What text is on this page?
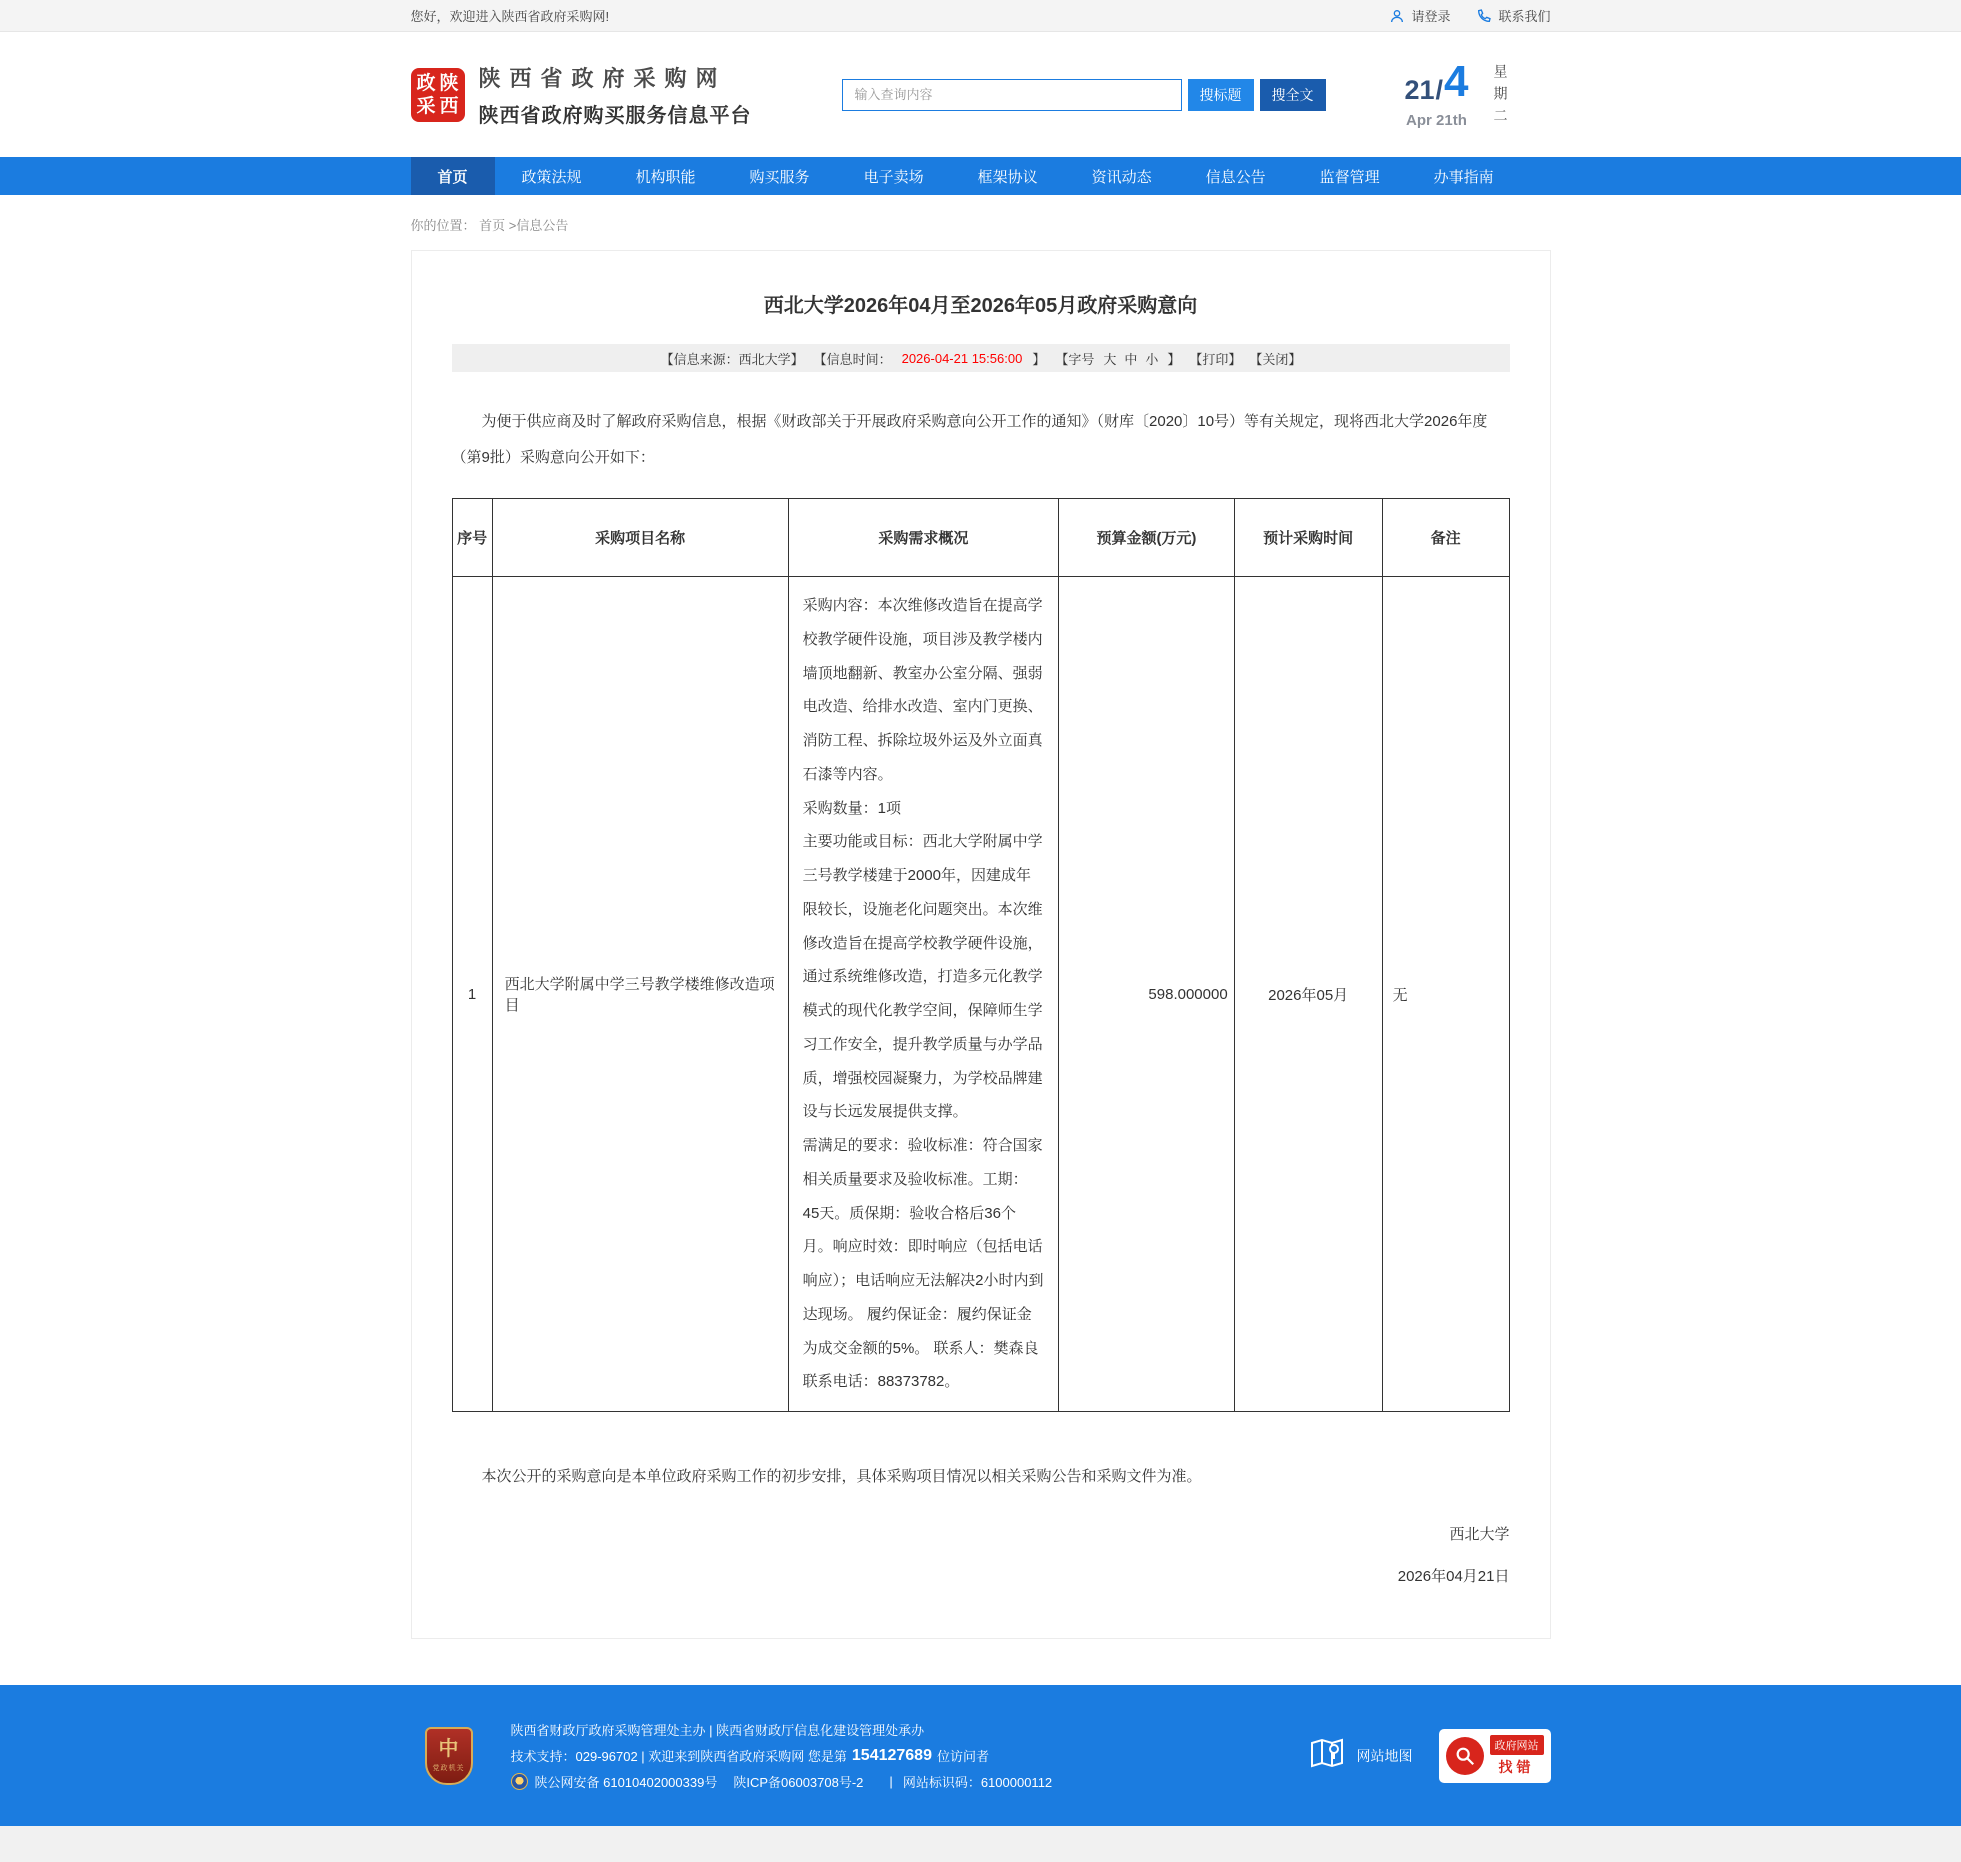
您好，欢迎进入陕西省政府采购网!	请登录	联系我们
政 陕
采 西
陕西省政府采购网
陕西省政府购买服务信息平台
输入查询内容
搜标题	搜全文	21 / 4
Apr 21th 星期二
首页	政策法规	机构职能	购买服务	电子卖场	框架协议	资讯动态	信息公告	监督管理	办事指南
你的位置： 首页 >信息公告
西北大学2026年04月至2026年05月政府采购意向
【信息来源：西北大学】 【信息时间： 2026-04-21 15:56:00 】 【字号 大 中 小 】 【打印】 【关闭】

为便于供应商及时了解政府采购信息，根据《财政部关于开展政府采购意向公开工作的通知》（财库〔2020〕10号）等有关规定，现将西北大学2026年度（第9批）采购意向公开如下：

序号	采购项目名称	采购需求概况	预算金额(万元)	预计采购时间	备注
1	西北大学附属中学三号教学楼维修改造项目	采购内容：本次维修改造旨在提高学校教学硬件设施，项目涉及教学楼内墙顶地翻新、教室办公室分隔、强弱电改造、给排水改造、室内门更换、消防工程、拆除垃圾外运及外立面真石漆等内容。
采购数量：1项
主要功能或目标：西北大学附属中学三号教学楼建于2000年，因建成年限较长，设施老化问题突出。本次维修改造旨在提高学校教学硬件设施，通过系统维修改造，打造多元化教学模式的现代化教学空间，保障师生学习工作安全，提升教学质量与办学品质，增强校园凝聚力，为学校品牌建设与长远发展提供支撑。
需满足的要求：验收标准：符合国家相关质量要求及验收标准。工期：45天。质保期：验收合格后36个月。响应时效：即时响应（包括电话响应）；电话响应无法解决2小时内到达现场。 履约保证金：履约保证金为成交金额的5%。 联系人：樊森良 联系电话：88373782。	598.000000	2026年05月	无

本次公开的采购意向是本单位政府采购工作的初步安排，具体采购项目情况以相关采购公告和采购文件为准。

西北大学
2026年04月21日
中
党政机关
陕西省财政厅政府采购管理处主办 | 陕西省财政厅信息化建设管理处承办
技术支持：029-96702 | 欢迎来到陕西省政府采购网 您是第 154127689 位访问者
陕公网安备 61010402000339号 陕ICP备06003708号-2 | 网站标识码：6100000112
网站地图
政府网站
找错
